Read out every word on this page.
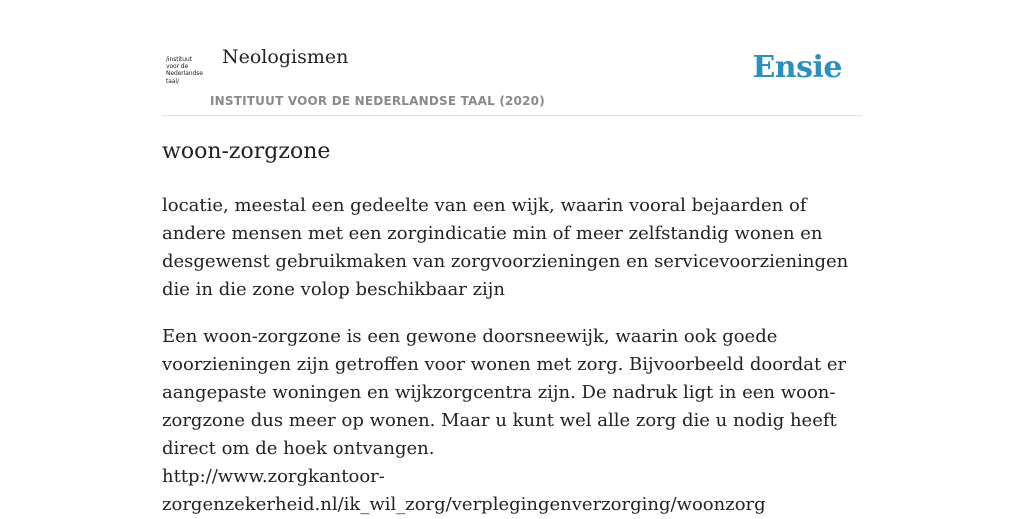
/instituut
voor de
Nederlandse
taal/
Neologismen
INSTITUUT VOOR DE NEDERLANDSE TAAL (2020)
Ensie
woon-zorgzone

locatie, meestal een gedeelte van een wijk, waarin vooral bejaarden of andere mensen met een zorgindicatie min of meer zelfstandig wonen en desgewenst gebruikmaken van zorgvoorzieningen en servicevoorzieningen die in die zone volop beschikbaar zijn

Een woon-zorgzone is een gewone doorsneewijk, waarin ook goede voorzieningen zijn getroffen voor wonen met zorg. Bijvoorbeeld doordat er aangepaste woningen en wijkzorgcentra zijn. De nadruk ligt in een woon-zorgzone dus meer op wonen. Maar u kunt wel alle zorg die u nodig heeft direct om de hoek ontvangen.
http://www.zorgkantoor-zorgenzekerheid.nl/ik_wil_zorg/verplegingenverzorging/woonzorg
